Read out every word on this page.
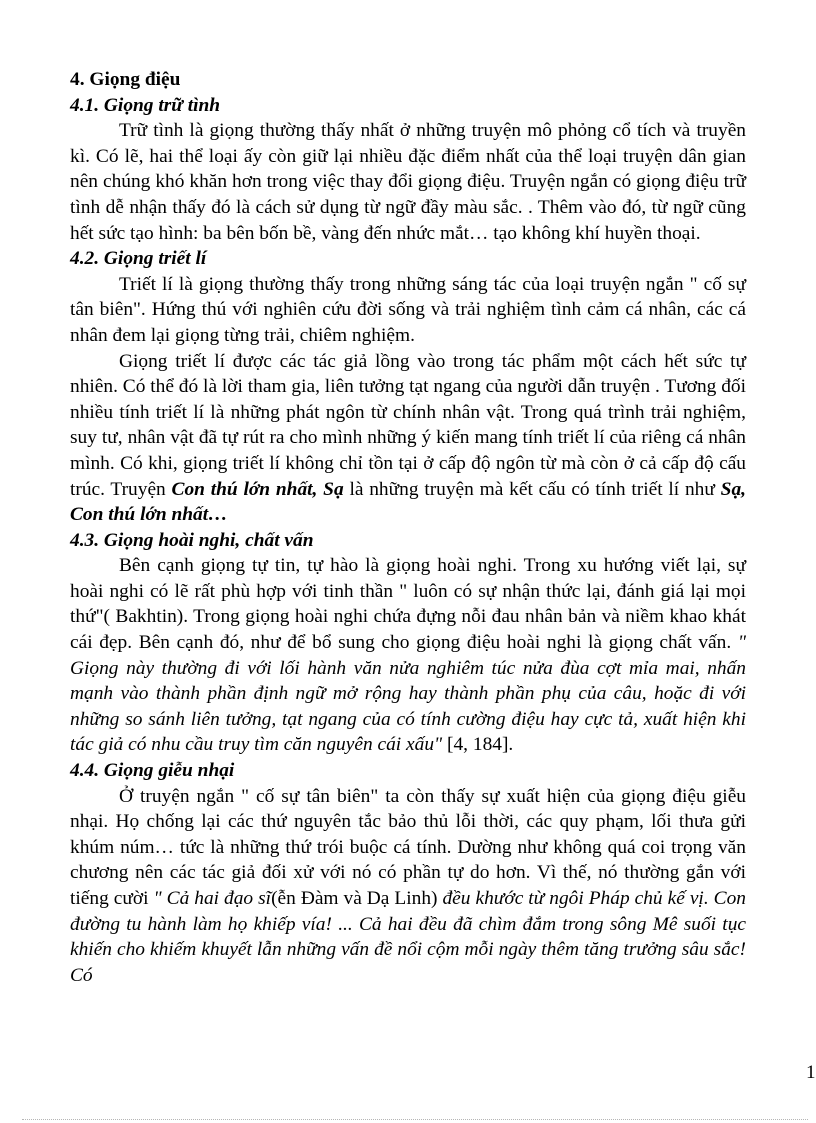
4. Giọng điệu

4.1. Giọng trữ tình

Trữ tình là giọng thường thấy nhất ở những truyện mô phỏng cổ tích và truyền kì. Có lẽ, hai thể loại ấy còn giữ lại nhiều đặc điểm nhất của thể loại truyện dân gian nên chúng khó khăn hơn trong việc thay đổi giọng điệu. Truyện ngắn có giọng điệu trữ tình dễ nhận thấy đó là cách sử dụng từ ngữ đầy màu sắc. . Thêm vào đó, từ ngữ cũng hết sức tạo hình: ba bên bốn bề, vàng đến nhức mắt… tạo không khí huyền thoại.

4.2. Giọng triết lí

Triết lí là giọng thường thấy trong những sáng tác của loại truyện ngắn " cố sự tân biên". Hứng thú với nghiên cứu đời sống và trải nghiệm tình cảm cá nhân, các cá nhân đem lại giọng từng trải, chiêm nghiệm.

Giọng triết lí được các tác giả lồng vào trong tác phẩm một cách hết sức tự nhiên. Có thể đó là lời tham gia, liên tưởng tạt ngang của người dẫn truyện . Tương đối nhiều tính triết lí là những phát ngôn từ chính nhân vật. Trong quá trình trải nghiệm, suy tư, nhân vật đã tự rút ra cho mình những ý kiến mang tính triết lí của riêng cá nhân mình. Có khi, giọng triết lí không chỉ tồn tại ở cấp độ ngôn từ mà còn ở cả cấp độ cấu trúc. Truyện Con thú lớn nhất, Sạ là những truyện mà kết cấu có tính triết lí như Sạ, Con thú lớn nhất…

4.3. Giọng hoài nghi, chất vấn

Bên cạnh giọng tự tin, tự hào là giọng hoài nghi. Trong xu hướng viết lại, sự hoài nghi có lẽ rất phù hợp với tinh thần " luôn có sự nhận thức lại, đánh giá lại mọi thứ"( Bakhtin). Trong giọng hoài nghi chứa đựng nỗi đau nhân bản và niềm khao khát cái đẹp. Bên cạnh đó, như để bổ sung cho giọng điệu hoài nghi là giọng chất vấn. " Giọng này thường đi với lối hành văn nửa nghiêm túc nửa đùa cợt mỉa mai, nhấn mạnh vào thành phần định ngữ mở rộng hay thành phần phụ của câu, hoặc đi với những so sánh liên tưởng, tạt ngang của có tính cường điệu hay cực tả, xuất hiện khi tác giả có nhu cầu truy tìm căn nguyên cái xấu" [4, 184].

4.4. Giọng giễu nhại

Ở truyện ngắn " cố sự tân biên" ta còn thấy sự xuất hiện của giọng điệu giễu nhại. Họ chống lại các thứ nguyên tắc bảo thủ lỗi thời, các quy phạm, lối thưa gửi khúm núm… tức là những thứ trói buộc cá tính. Dường như không quá coi trọng văn chương nên các tác giả đối xử với nó có phần tự do hơn. Vì thế, nó thường gắn với tiếng cười " Cả hai đạo sĩ(ễn Đàm và Dạ Linh) đều khước từ ngôi Pháp chủ kế vị. Con đường tu hành làm họ khiếp vía! ... Cả hai đều đã chìm đắm trong sông Mê suối tục khiến cho khiếm khuyết lẫn những vấn đề nổi cộm mỗi ngày thêm tăng trưởng sâu sắc! Có

1
